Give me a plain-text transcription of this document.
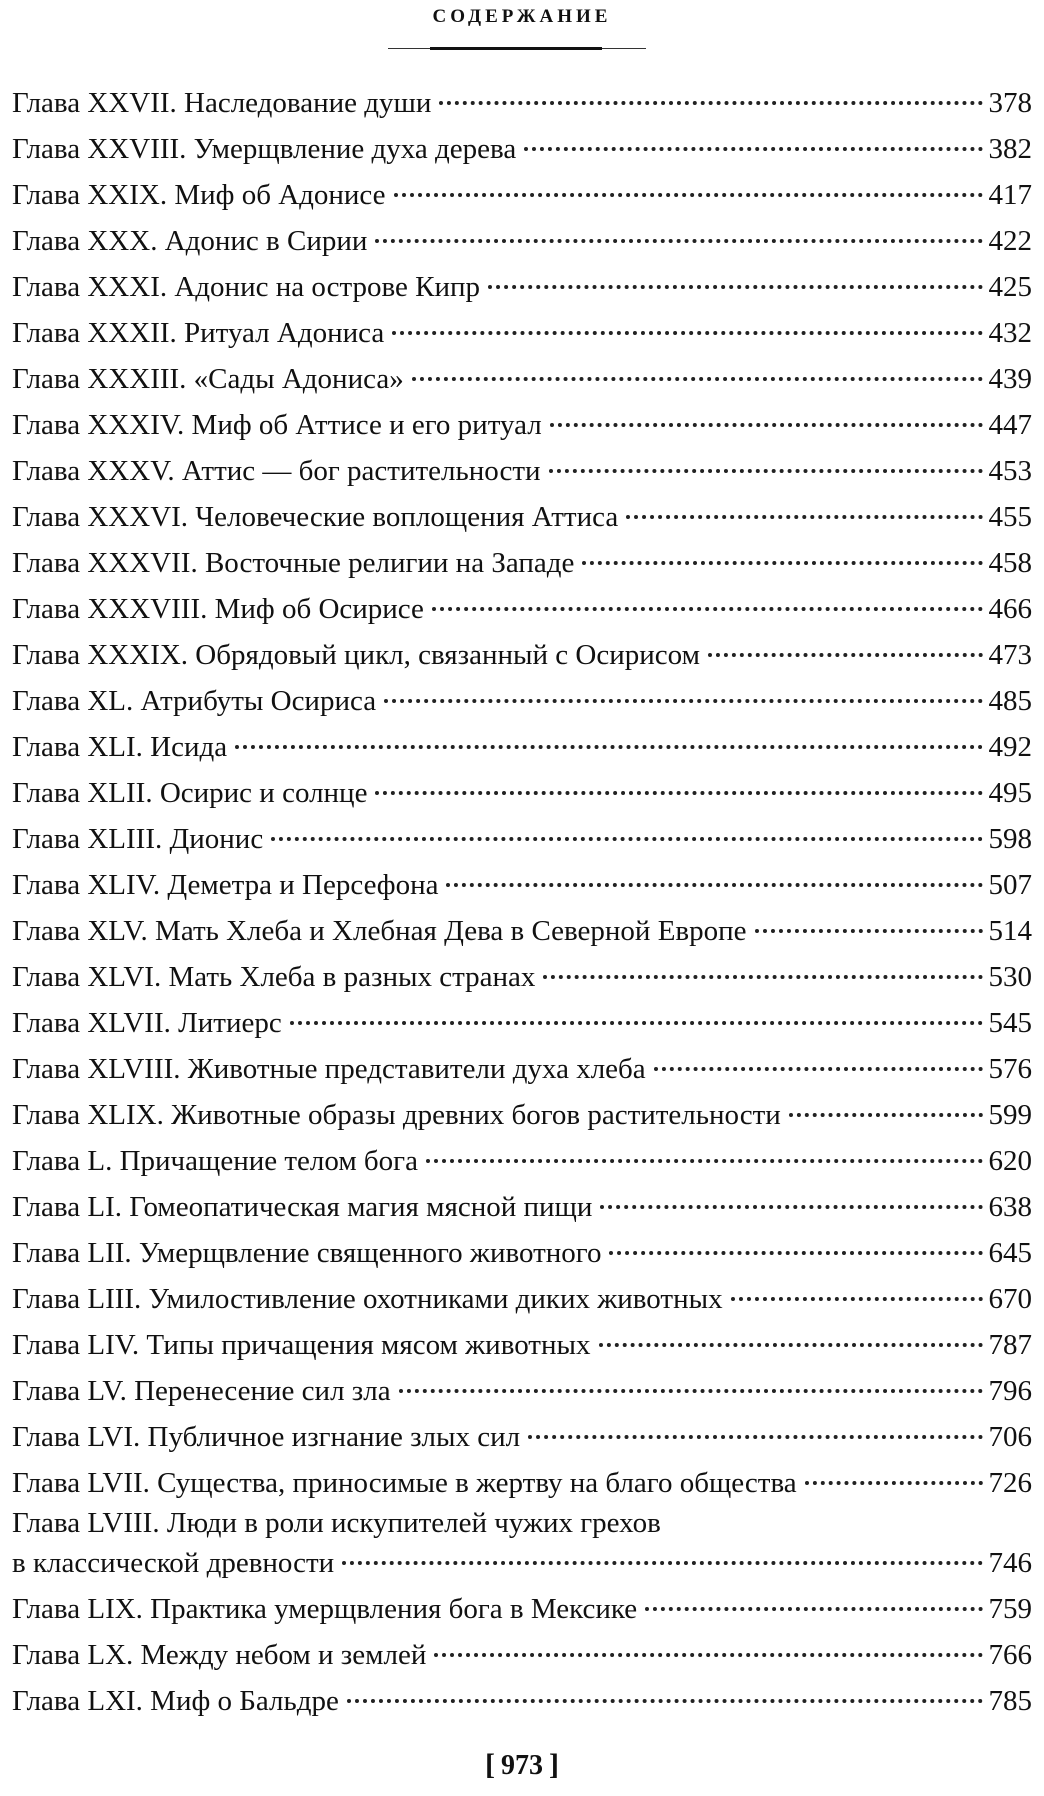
СОДЕРЖАНИЕ
Глава XXVII. Наследование души	378
Глава XXVIII. Умерщвление духа дерева	382
Глава XXIX. Миф об Адонисе	417
Глава XXX. Адонис в Сирии	422
Глава XXXI. Адонис на острове Кипр	425
Глава XXXII. Ритуал Адониса	432
Глава XXXIII. «Сады Адониса»	439
Глава XXXIV. Миф об Аттисе и его ритуал	447
Глава XXXV. Аттис — бог растительности	453
Глава XXXVI. Человеческие воплощения Аттиса	455
Глава XXXVII. Восточные религии на Западе	458
Глава XXXVIII. Миф об Осирисе	466
Глава XXXIX. Обрядовый цикл, связанный с Осирисом	473
Глава XL. Атрибуты Осириса	485
Глава XLI. Исида	492
Глава XLII. Осирис и солнце	495
Глава XLIII. Дионис	598
Глава XLIV. Деметра и Персефона	507
Глава XLV. Мать Хлеба и Хлебная Дева в Северной Европе	514
Глава XLVI. Мать Хлеба в разных странах	530
Глава XLVII. Литиерс	545
Глава XLVIII. Животные представители духа хлеба	576
Глава XLIX. Животные образы древних богов растительности	599
Глава L. Причащение телом бога	620
Глава LI. Гомеопатическая магия мясной пищи	638
Глава LII. Умерщвление священного животного	645
Глава LIII. Умилостивление охотниками диких животных	670
Глава LIV. Типы причащения мясом животных	787
Глава LV. Перенесение сил зла	796
Глава LVI. Публичное изгнание злых сил	706
Глава LVII. Существа, приносимые в жертву на благо общества	726
Глава LVIII. Люди в роли искупителей чужих грехов
в классической древности	746
Глава LIX. Практика умерщвления бога в Мексике	759
Глава LX. Между небом и землей	766
Глава LXI. Миф о Бальдре	785
[ 973 ]
